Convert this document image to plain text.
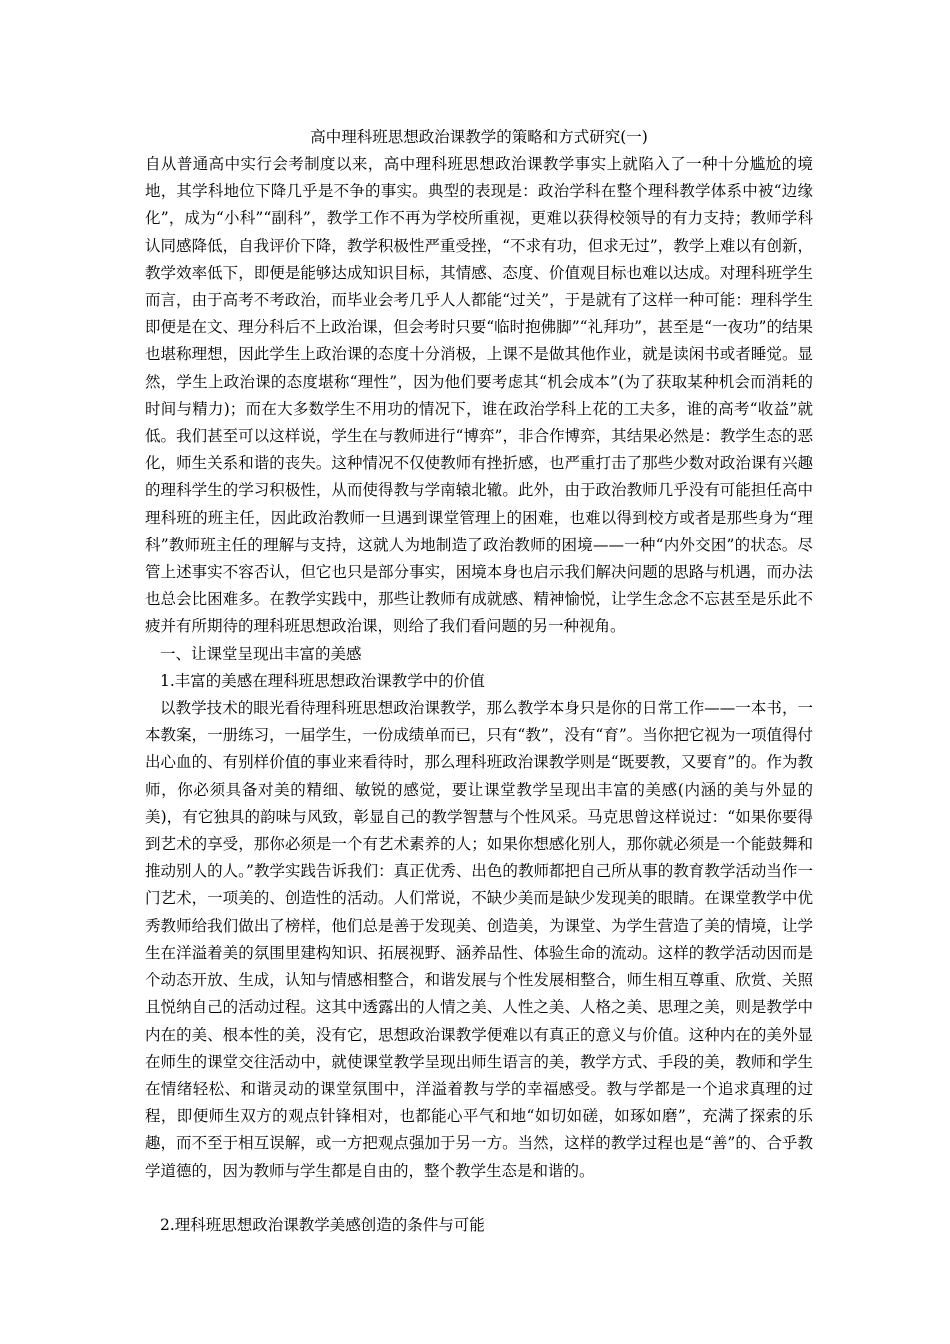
高中理科班思想政治课教学的策略和方式研究(一)

自从普通高中实行会考制度以来，高中理科班思想政治课教学事实上就陷入了一种十分尴尬的境地，其学科地位下降几乎是不争的事实。典型的表现是：政治学科在整个理科教学体系中被“边缘化”，成为“小科”“副科”，教学工作不再为学校所重视，更难以获得校领导的有力支持；教师学科认同感降低，自我评价下降，教学积极性严重受挫，“不求有功，但求无过”，教学上难以有创新，教学效率低下，即便是能够达成知识目标，其情感、态度、价值观目标也难以达成。对理科班学生而言，由于高考不考政治，而毕业会考几乎人人都能“过关”，于是就有了这样一种可能：理科学生即便是在文、理分科后不上政治课，但会考时只要“临时抱佛脚”“礼拜功”，甚至是“一夜功”的结果也堪称理想，因此学生上政治课的态度十分消极，上课不是做其他作业，就是读闲书或者睡觉。显然，学生上政治课的态度堪称“理性”，因为他们要考虑其“机会成本”(为了获取某种机会而消耗的时间与精力)；而在大多数学生不用功的情况下，谁在政治学科上花的工夫多，谁的高考“收益”就低。我们甚至可以这样说，学生在与教师进行“博弈”，非合作博弈，其结果必然是：教学生态的恶化，师生关系和谐的丧失。这种情况不仅使教师有挫折感，也严重打击了那些少数对政治课有兴趣的理科学生的学习积极性，从而使得教与学南辕北辙。此外，由于政治教师几乎没有可能担任高中理科班的班主任，因此政治教师一旦遇到课堂管理上的困难，也难以得到校方或者是那些身为“理科”教师班主任的理解与支持，这就人为地制造了政治教师的困境——一种“内外交困”的状态。尽管上述事实不容否认，但它也只是部分事实，困境本身也启示我们解决问题的思路与机遇，而办法也总会比困难多。在教学实践中，那些让教师有成就感、精神愉悦，让学生念念不忘甚至是乐此不疲并有所期待的理科班思想政治课，则给了我们看问题的另一种视角。

一、让课堂呈现出丰富的美感

1.丰富的美感在理科班思想政治课教学中的价值

以教学技术的眼光看待理科班思想政治课教学，那么教学本身只是你的日常工作——一本书，一本教案，一册练习，一届学生，一份成绩单而已，只有“教”，没有“育”。当你把它视为一项值得付出心血的、有别样价值的事业来看待时，那么理科班政治课教学则是“既要教，又要育”的。作为教师，你必须具备对美的精细、敏锐的感觉，要让课堂教学呈现出丰富的美感(内涵的美与外显的美)，有它独具的韵味与风致，彰显自己的教学智慧与个性风采。马克思曾这样说过：“如果你要得到艺术的享受，那你必须是一个有艺术素养的人；如果你想感化别人，那你就必须是一个能鼓舞和推动别人的人。”教学实践告诉我们：真正优秀、出色的教师都把自己所从事的教育教学活动当作一门艺术，一项美的、创造性的活动。人们常说，不缺少美而是缺少发现美的眼睛。在课堂教学中优秀教师给我们做出了榜样，他们总是善于发现美、创造美，为课堂、为学生营造了美的情境，让学生在洋溢着美的氛围里建构知识、拓展视野、涵养品性、体验生命的流动。这样的教学活动因而是个动态开放、生成，认知与情感相整合，和谐发展与个性发展相整合，师生相互尊重、欣赏、关照且悦纳自己的活动过程。这其中透露出的人情之美、人性之美、人格之美、思理之美，则是教学中内在的美、根本性的美，没有它，思想政治课教学便难以有真正的意义与价值。这种内在的美外显在师生的课堂交往活动中，就使课堂教学呈现出师生语言的美，教学方式、手段的美，教师和学生在情绪轻松、和谐灵动的课堂氛围中，洋溢着教与学的幸福感受。教与学都是一个追求真理的过程，即便师生双方的观点针锋相对，也都能心平气和地“如切如磋，如琢如磨”，充满了探索的乐趣，而不至于相互误解，或一方把观点强加于另一方。当然，这样的教学过程也是“善”的、合乎教学道德的，因为教师与学生都是自由的，整个教学生态是和谐的。

2.理科班思想政治课教学美感创造的条件与可能
